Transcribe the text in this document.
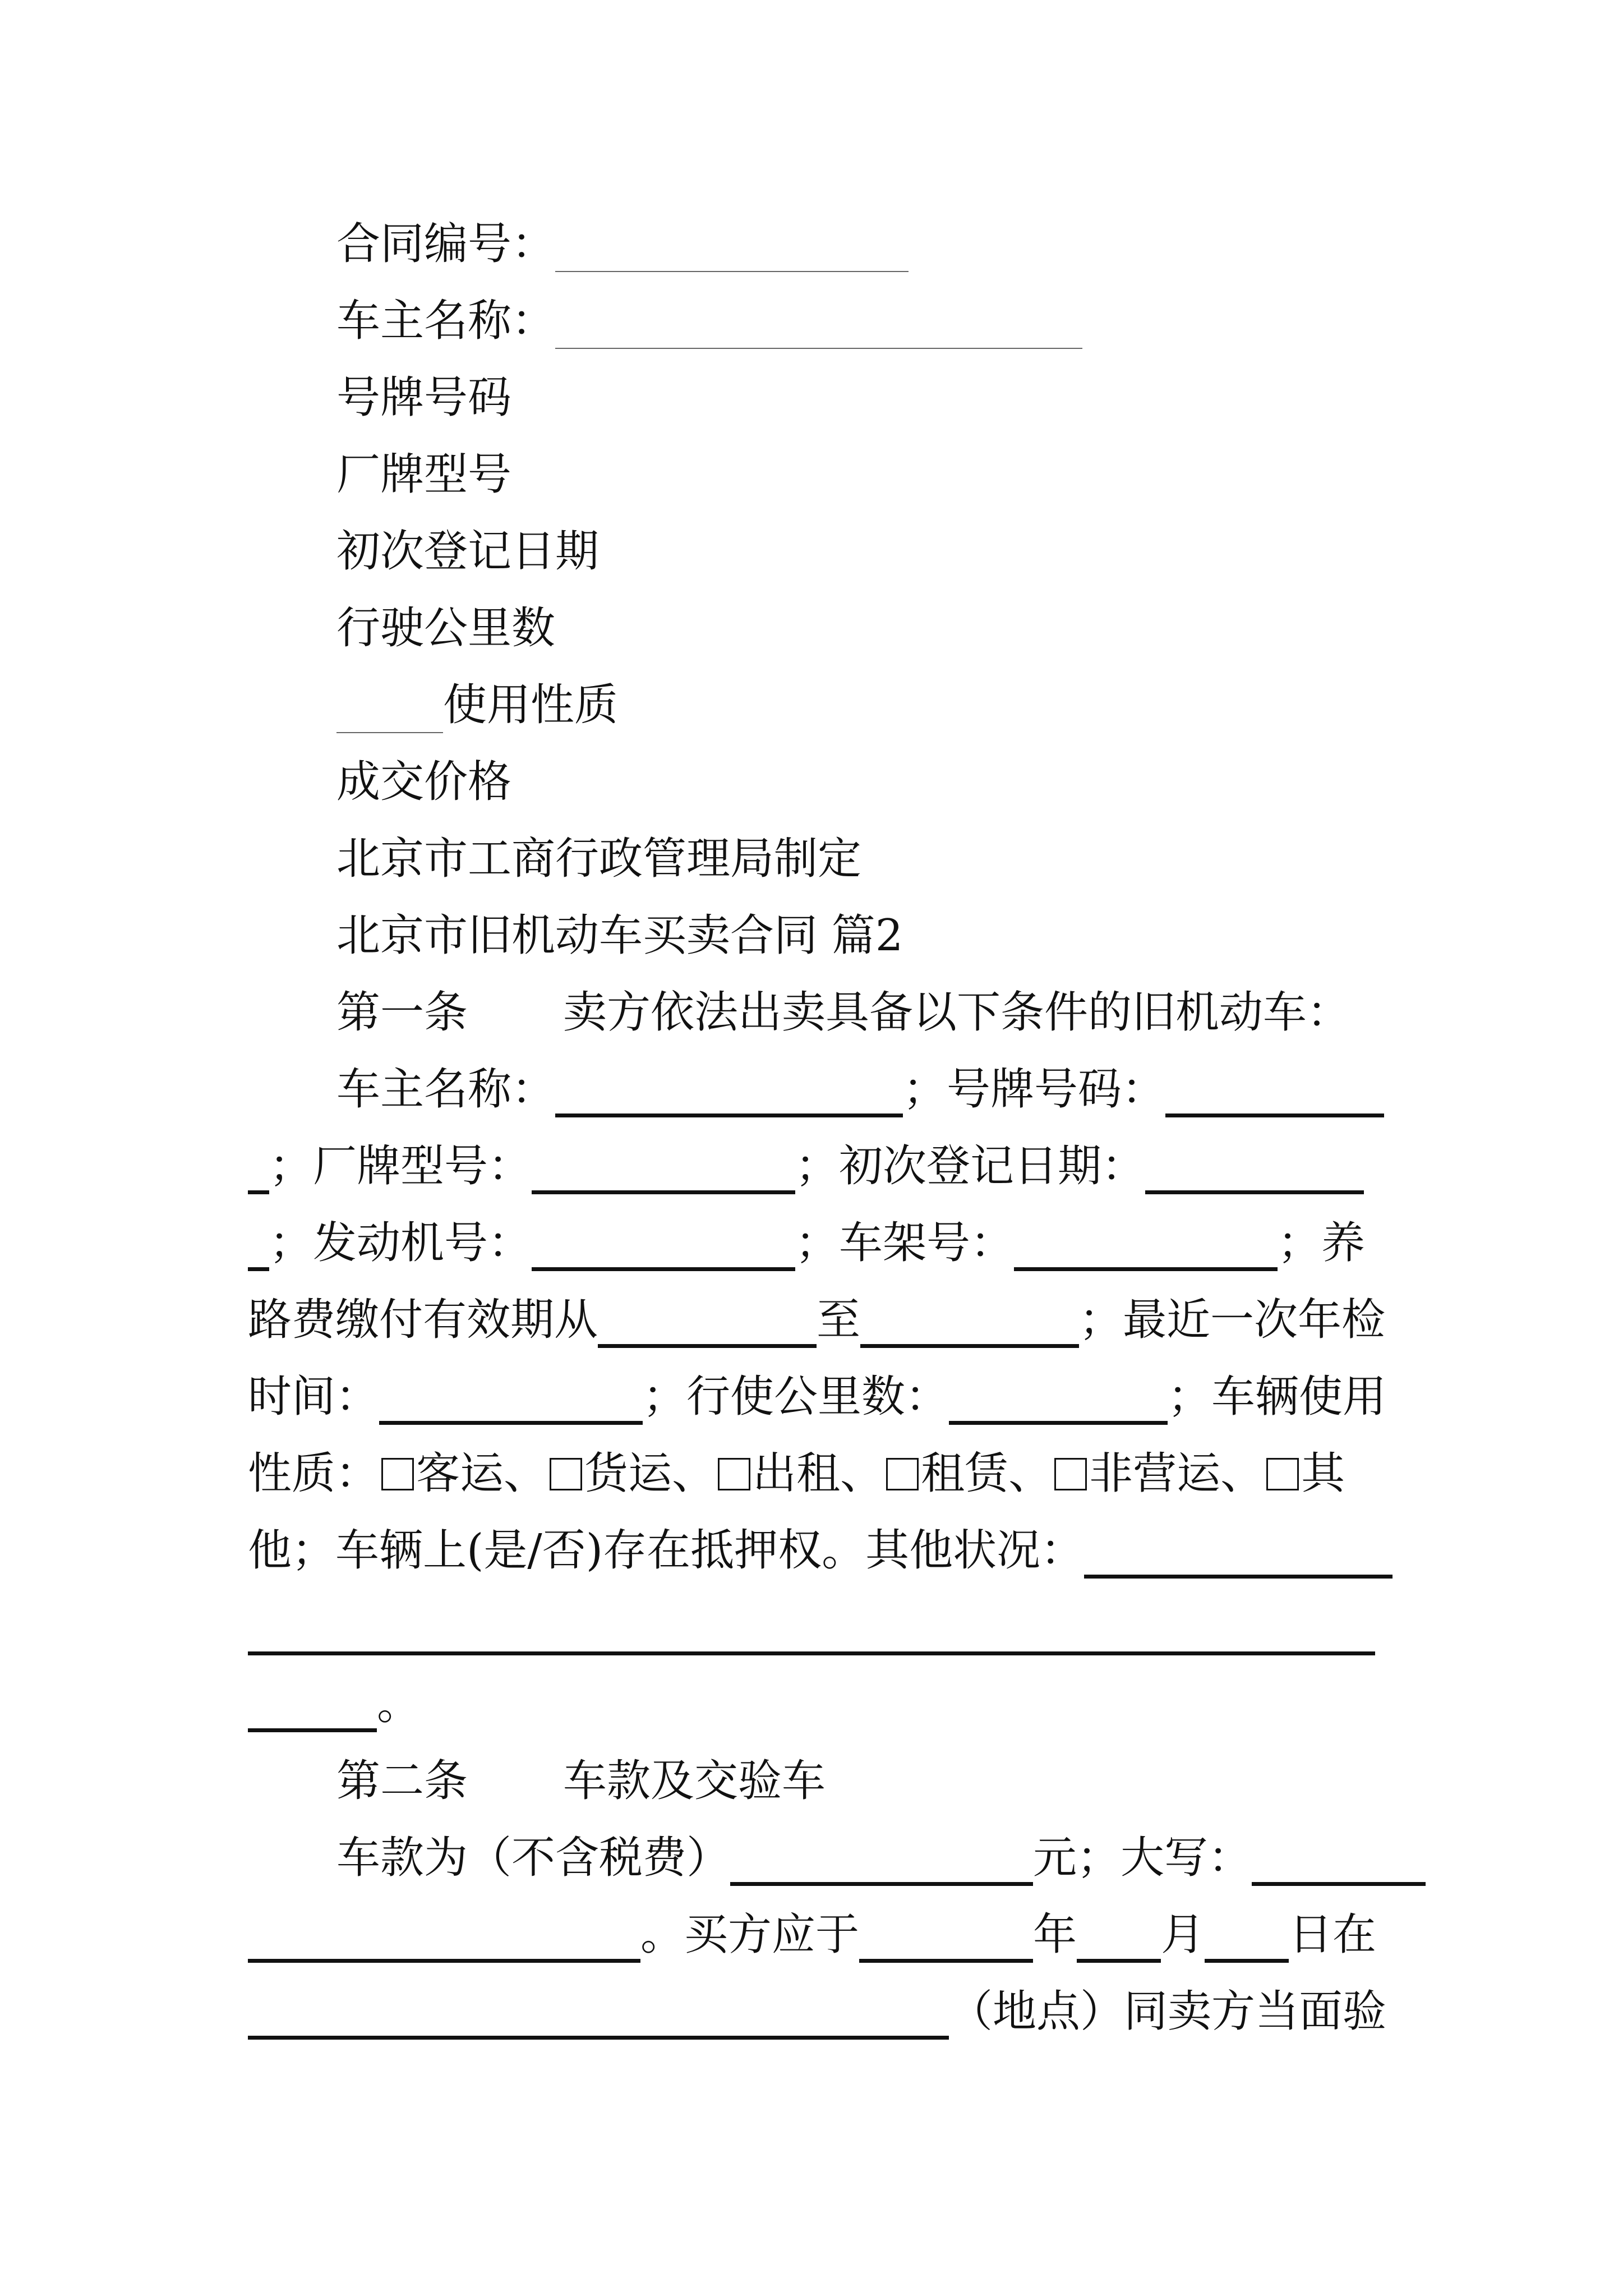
合同编号：
车主名称：
号牌号码
厂牌型号
初次登记日期
行驶公里数
使用性质
成交价格
北京市工商行政管理局制定
北京市旧机动车买卖合同 篇2
第一条 卖方依法出卖具备以下条件的旧机动车：
车主名称：	；号牌号码：
；厂牌型号：	；初次登记日期：
；发动机号：	；车架号：	；养
路费缴付有效期从	至	；最近一次年检
时间：	；行使公里数：	；车辆使用
性质： 客运、 货运、 出租、 租赁、 非营运、 其
他；车辆上(是/否)存在抵押权。其他状况：
。
第二条 车款及交验车
车款为（不含税费）	元；大写：
。买方应于	年 月 日在
（地点）同卖方当面验
